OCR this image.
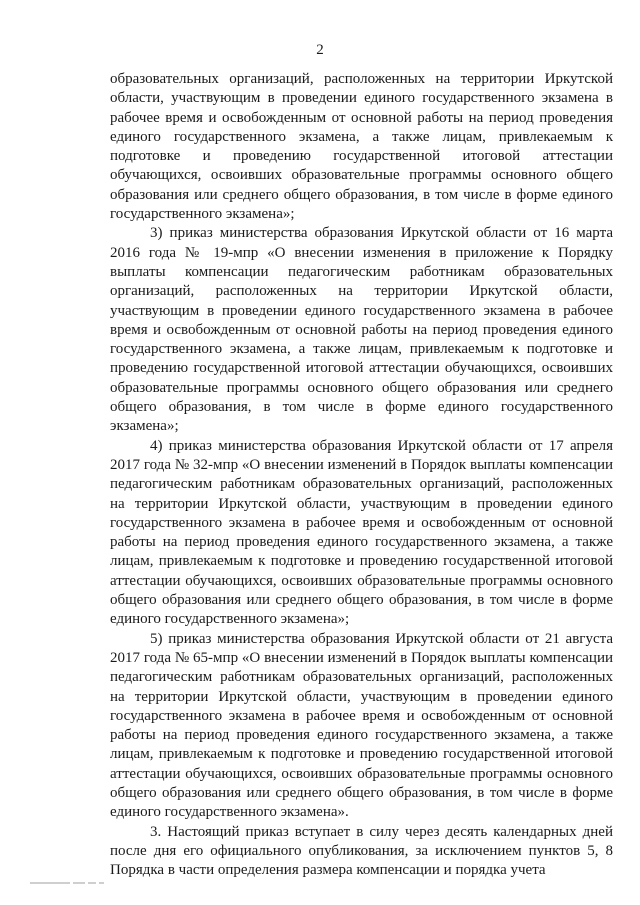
2

образовательных организаций, расположенных на территории Иркутской области, участвующим в проведении единого государственного экзамена в рабочее время и освобожденным от основной работы на период проведения единого государственного экзамена, а также лицам, привлекаемым к подготовке и проведению государственной итоговой аттестации обучающихся, освоивших образовательные программы основного общего образования или среднего общего образования, в том числе в форме единого государственного экзамена»;

3) приказ министерства образования Иркутской области от 16 марта 2016 года № 19-мпр «О внесении изменения в приложение к Порядку выплаты компенсации педагогическим работникам образовательных организаций, расположенных на территории Иркутской области, участвующим в проведении единого государственного экзамена в рабочее время и освобожденным от основной работы на период проведения единого государственного экзамена, а также лицам, привлекаемым к подготовке и проведению государственной итоговой аттестации обучающихся, освоивших образовательные программы основного общего образования или среднего общего образования, в том числе в форме единого государственного экзамена»;

4) приказ министерства образования Иркутской области от 17 апреля 2017 года № 32-мпр «О внесении изменений в Порядок выплаты компенсации педагогическим работникам образовательных организаций, расположенных на территории Иркутской области, участвующим в проведении единого государственного экзамена в рабочее время и освобожденным от основной работы на период проведения единого государственного экзамена, а также лицам, привлекаемым к подготовке и проведению государственной итоговой аттестации обучающихся, освоивших образовательные программы основного общего образования или среднего общего образования, в том числе в форме единого государственного экзамена»;

5) приказ министерства образования Иркутской области от 21 августа 2017 года № 65-мпр «О внесении изменений в Порядок выплаты компенсации педагогическим работникам образовательных организаций, расположенных на территории Иркутской области, участвующим в проведении единого государственного экзамена в рабочее время и освобожденным от основной работы на период проведения единого государственного экзамена, а также лицам, привлекаемым к подготовке и проведению государственной итоговой аттестации обучающихся, освоивших образовательные программы основного общего образования или среднего общего образования, в том числе в форме единого государственного экзамена».

3. Настоящий приказ вступает в силу через десять календарных дней после дня его официального опубликования, за исключением пунктов 5, 8 Порядка в части определения размера компенсации и порядка учета
